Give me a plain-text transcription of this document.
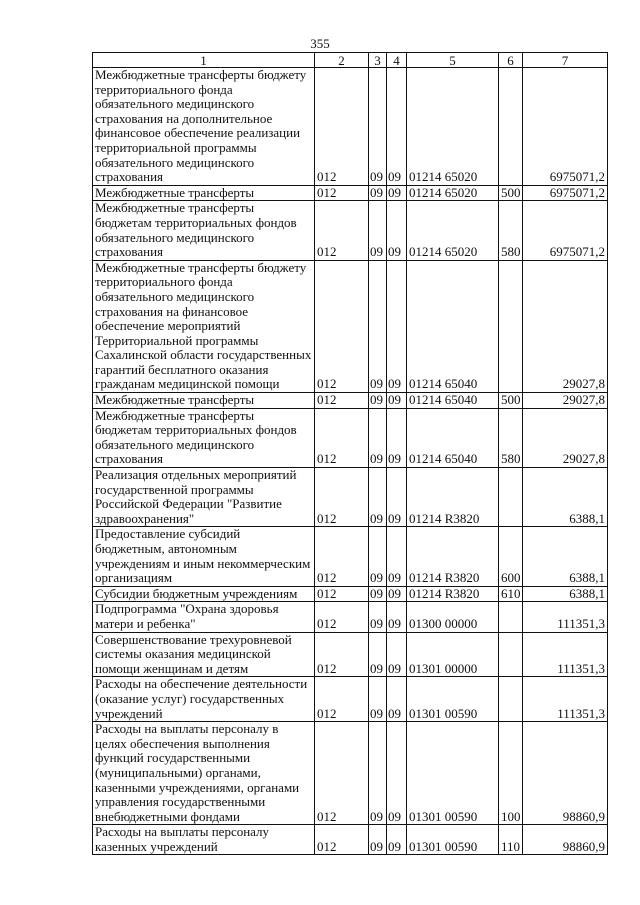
355
1	2	3	4	5	6	7
Межбюджетные трансферты бюджету территориального фонда обязательного медицинского страхования на дополнительное финансовое обеспечение реализации территориальной программы обязательного медицинского страхования	012	09	09	01214 65020		6975071,2
Межбюджетные трансферты	012	09	09	01214 65020	500	6975071,2
Межбюджетные трансферты бюджетам территориальных фондов обязательного медицинского страхования	012	09	09	01214 65020	580	6975071,2
Межбюджетные трансферты бюджету территориального фонда обязательного медицинского страхования на финансовое обеспечение мероприятий Территориальной программы Сахалинской области государственных гарантий бесплатного оказания гражданам медицинской помощи	012	09	09	01214 65040		29027,8
Межбюджетные трансферты	012	09	09	01214 65040	500	29027,8
Межбюджетные трансферты бюджетам территориальных фондов обязательного медицинского страхования	012	09	09	01214 65040	580	29027,8
Реализация отдельных мероприятий государственной программы Российской Федерации "Развитие здравоохранения"	012	09	09	01214 R3820		6388,1
Предоставление субсидий бюджетным, автономным учреждениям и иным некоммерческим организациям	012	09	09	01214 R3820	600	6388,1
Субсидии бюджетным учреждениям	012	09	09	01214 R3820	610	6388,1
Подпрограмма "Охрана здоровья матери и ребенка"	012	09	09	01300 00000		111351,3
Совершенствование трехуровневой системы оказания медицинской помощи женщинам и детям	012	09	09	01301 00000		111351,3
Расходы на обеспечение деятельности (оказание услуг) государственных учреждений	012	09	09	01301 00590		111351,3
Расходы на выплаты персоналу в целях обеспечения выполнения функций государственными (муниципальными) органами, казенными учреждениями, органами управления государственными внебюджетными фондами	012	09	09	01301 00590	100	98860,9
Расходы на выплаты персоналу казенных учреждений	012	09	09	01301 00590	110	98860,9
